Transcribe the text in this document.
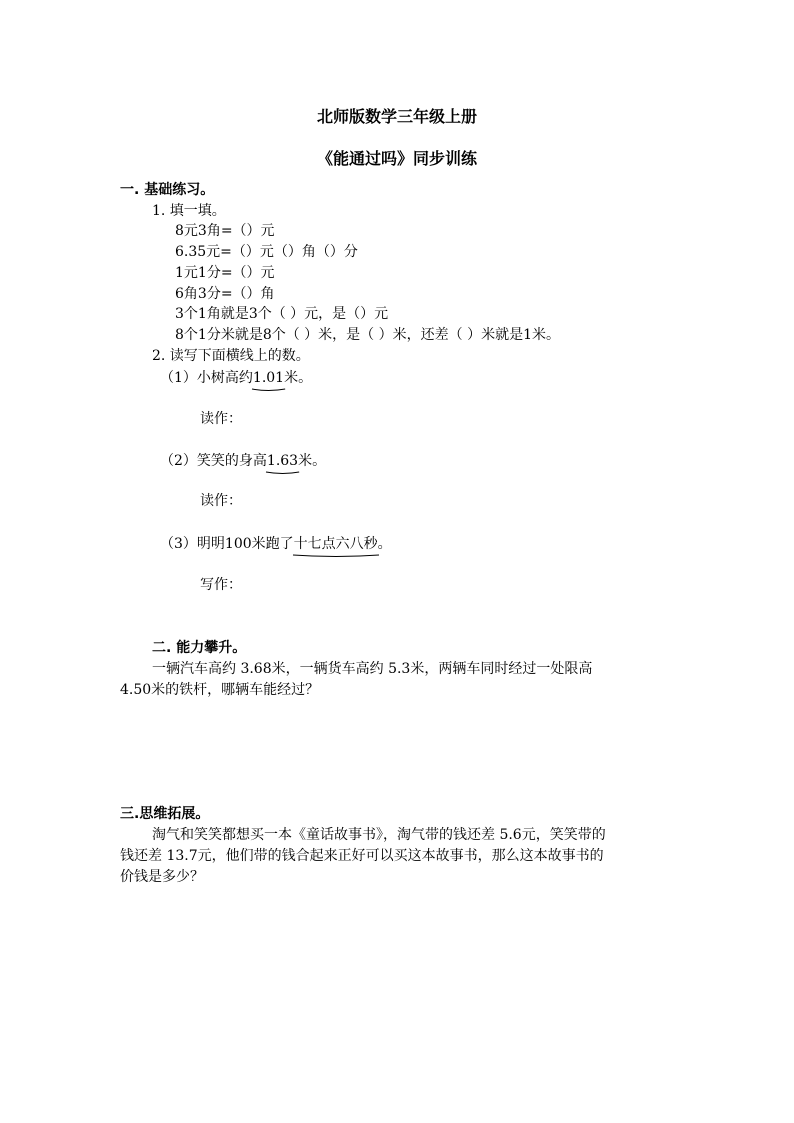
北师版数学三年级上册
《能通过吗》同步训练
一. 基础练习。
1. 填一填。
8元3角=（）元
6.35元=（）元（）角（）分
1元1分=（）元
6角3分=（）角
3个1角就是3个（ ）元，是（）元
8个1分米就是8个（ ）米，是（ ）米，还差（ ）米就是1米。
2. 读写下面横线上的数。
（1）小树高约1.01
米。
读作：
（2）笑笑的身高1.63
米。
读作：
（3）明明100米跑了十七点六八秒
。
写作：
二. 能力攀升。
一辆汽车高约 3.68米，一辆货车高约 5.3米，两辆车同时经过一处限高
4.50米的铁杆，哪辆车能经过？
三.思维拓展。
淘气和笑笑都想买一本《童话故事书》，淘气带的钱还差 5.6元，笑笑带的
钱还差 13.7元，他们带的钱合起来正好可以买这本故事书，那么这本故事书的
价钱是多少？
